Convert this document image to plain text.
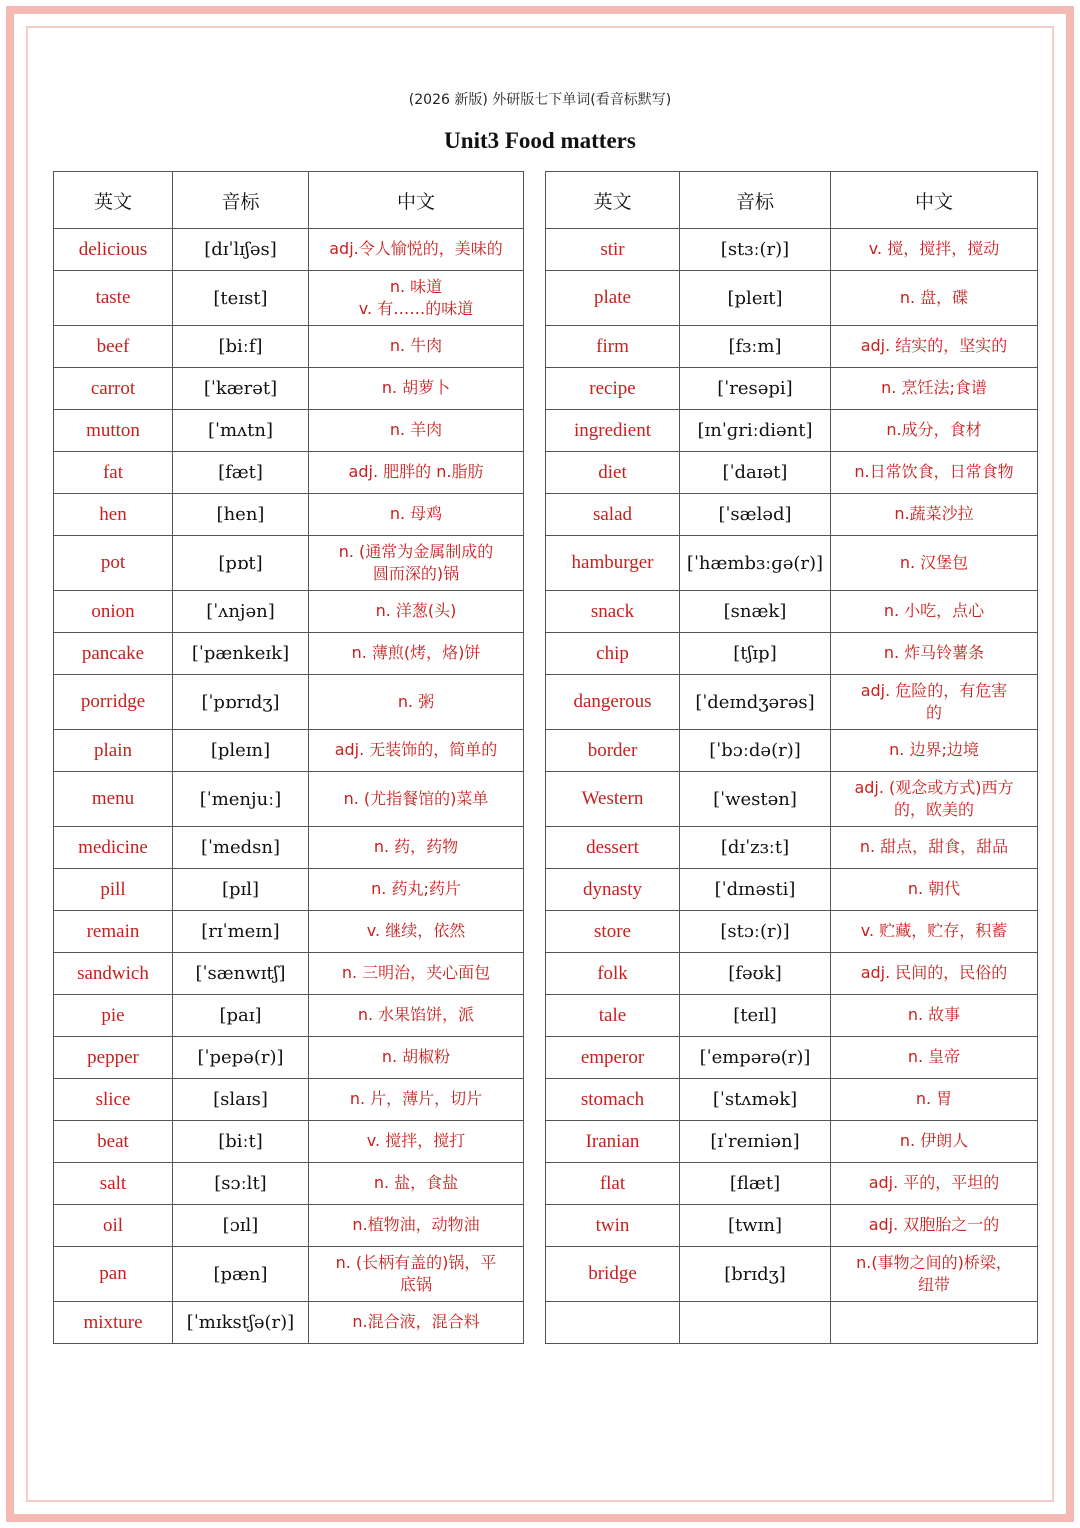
(2026 新版) 外研版七下单词(看音标默写)
Unit3 Food matters
英文	音标	中文
delicious	[dɪˈlɪʃəs]	adj.令人愉悦的，美味的
taste	[teɪst]	n. 味道
v. 有……的味道
beef	[biːf]	n. 牛肉
carrot	[ˈkærət]	n. 胡萝卜
mutton	[ˈmʌtn]	n. 羊肉
fat	[fæt]	adj. 肥胖的 n.脂肪
hen	[hen]	n. 母鸡
pot	[pɒt]	n. (通常为金属制成的
圆而深的)锅
onion	[ˈʌnjən]	n. 洋葱(头)
pancake	[ˈpænkeɪk]	n. 薄煎(烤，烙)饼
porridge	[ˈpɒrɪdʒ]	n. 粥
plain	[pleɪn]	adj. 无装饰的，简单的
menu	[ˈmenjuː]	n. (尤指餐馆的)菜单
medicine	[ˈmedsn]	n. 药，药物
pill	[pɪl]	n. 药丸;药片
remain	[rɪˈmeɪn]	v. 继续，依然
sandwich	[ˈsænwɪtʃ]	n. 三明治，夹心面包
pie	[paɪ]	n. 水果馅饼，派
pepper	[ˈpepə(r)]	n. 胡椒粉
slice	[slaɪs]	n. 片，薄片，切片
beat	[biːt]	v. 搅拌，搅打
salt	[sɔːlt]	n. 盐，食盐
oil	[ɔɪl]	n.植物油，动物油
pan	[pæn]	n. (长柄有盖的)锅，平
底锅
mixture	[ˈmɪkstʃə(r)]	n.混合液，混合料
英文	音标	中文
stir	[stɜː(r)]	v. 搅，搅拌，搅动
plate	[pleɪt]	n. 盘，碟
firm	[fɜːm]	adj. 结实的，坚实的
recipe	[ˈresəpi]	n. 烹饪法;食谱
ingredient	[ɪnˈɡriːdiənt]	n.成分，食材
diet	[ˈdaɪət]	n.日常饮食，日常食物
salad	[ˈsæləd]	n.蔬菜沙拉
hamburger	[ˈhæmbɜːɡə(r)]	n. 汉堡包
snack	[snæk]	n. 小吃，点心
chip	[tʃɪp]	n. 炸马铃薯条
dangerous	[ˈdeɪndʒərəs]	adj. 危险的，有危害
的
border	[ˈbɔːdə(r)]	n. 边界;边境
Western	[ˈwestən]	adj. (观念或方式)西方
的，欧美的
dessert	[dɪˈzɜːt]	n. 甜点，甜食，甜品
dynasty	[ˈdɪnəsti]	n. 朝代
store	[stɔː(r)]	v. 贮藏，贮存，积蓄
folk	[fəʊk]	adj. 民间的，民俗的
tale	[teɪl]	n. 故事
emperor	[ˈempərə(r)]	n. 皇帝
stomach	[ˈstʌmək]	n. 胃
Iranian	[ɪˈreɪniən]	n. 伊朗人
flat	[flæt]	adj. 平的，平坦的
twin	[twɪn]	adj. 双胞胎之一的
bridge	[brɪdʒ]	n.(事物之间的)桥梁，
纽带
